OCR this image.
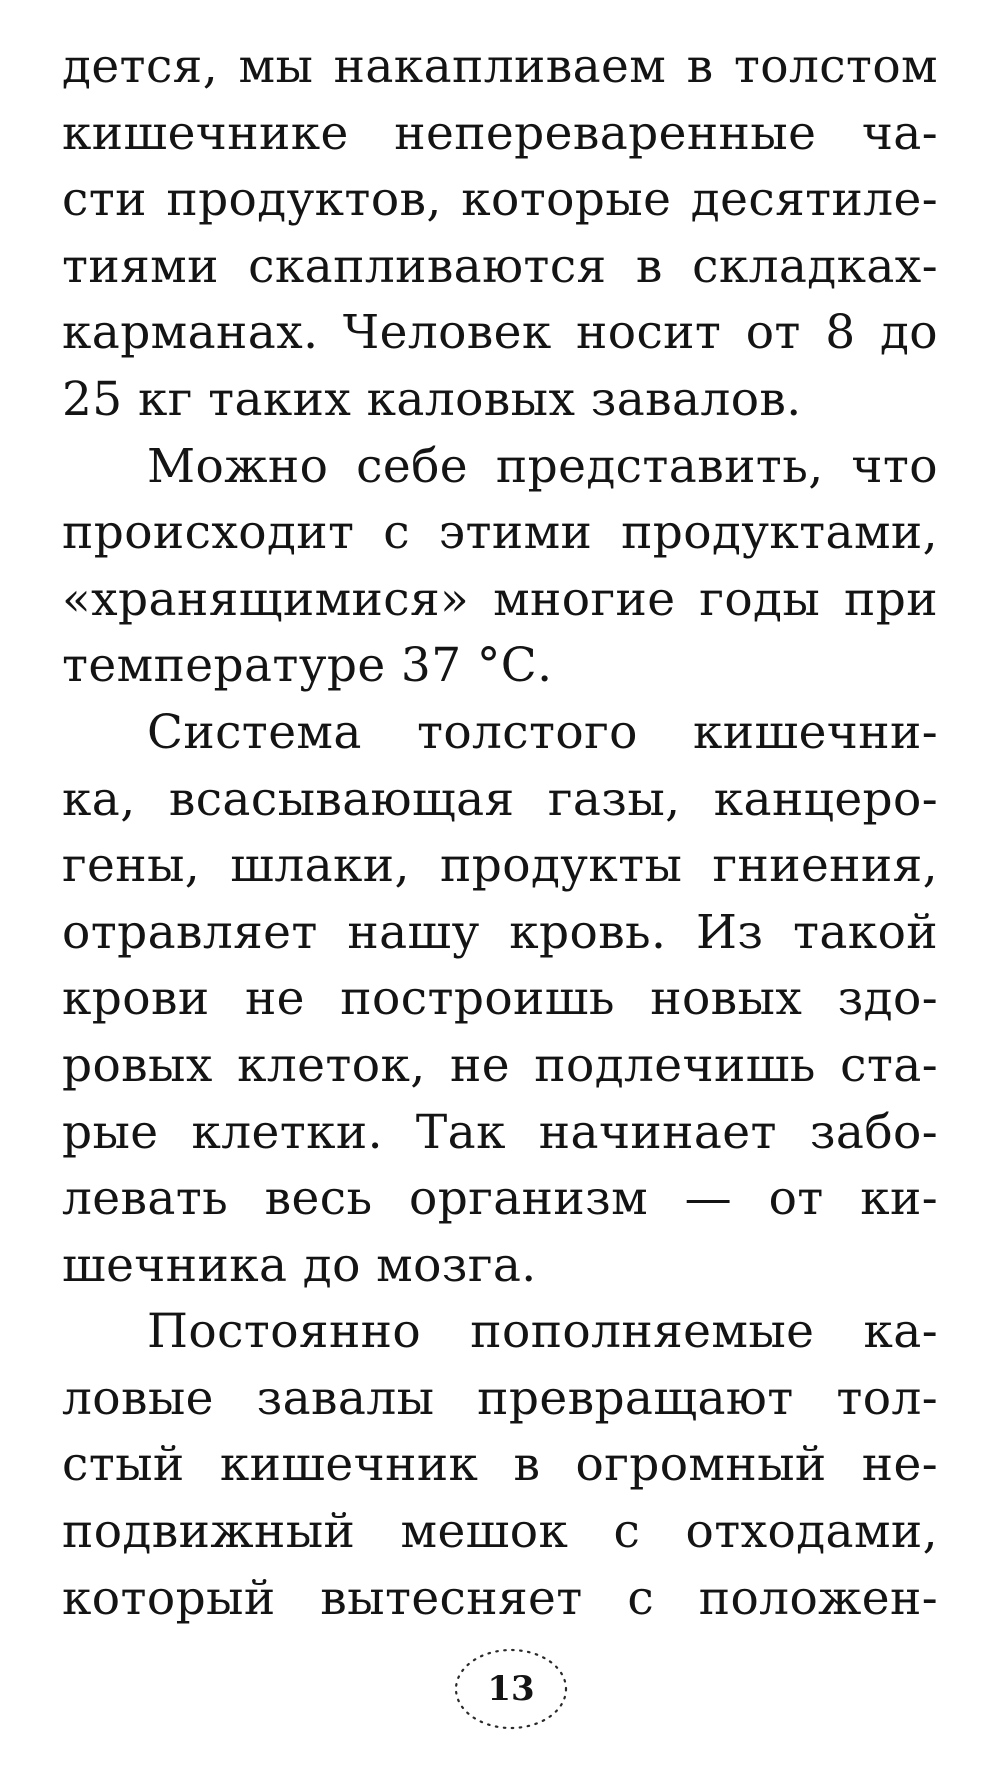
дется, мы накапливаем в толстом
кишечнике непереваренные ча-
сти продуктов, которые десятиле-
тиями скапливаются в складках-
карманах. Человек носит от 8 до
25 кг таких каловых завалов.
Можно себе представить, что
происходит с этими продуктами,
«хранящимися» многие годы при
температуре 37 °С.
Система толстого кишечни-
ка, всасывающая газы, канцеро-
гены, шлаки, продукты гниения,
отравляет нашу кровь. Из такой
крови не построишь новых здо-
ровых клеток, не подлечишь ста-
рые клетки. Так начинает забо-
левать весь организм — от ки-
шечника до мозга.
Постоянно пополняемые ка-
ловые завалы превращают тол-
стый кишечник в огромный не-
подвижный мешок с отходами,
который вытесняет с положен-
13
